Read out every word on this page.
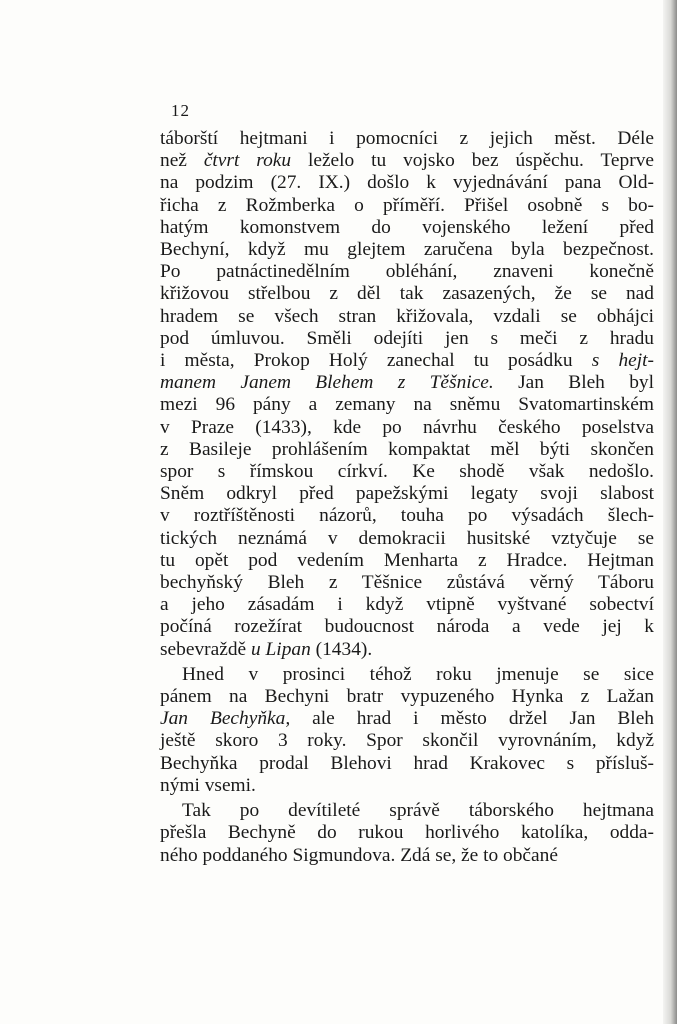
12
táborští hejtmani i pomocníci z jejich měst. Déle
než čtvrt roku leželo tu vojsko bez úspěchu. Teprve
na podzim (27. IX.) došlo k vyjednávání pana Old-
řicha z Rožmberka o příměří. Přišel osobně s bo-
hatým komonstvem do vojenského ležení před
Bechyní, když mu glejtem zaručena byla bezpečnost.
Po patnáctinedělním obléhání, znaveni konečně
křižovou střelbou z děl tak zasazených, že se nad
hradem se všech stran křižovala, vzdali se obhájci
pod úmluvou. Směli odejíti jen s meči z hradu
i města, Prokop Holý zanechal tu posádku s hejt-
manem Janem Blehem z Těšnice. Jan Bleh byl
mezi 96 pány a zemany na sněmu Svatomartinském
v Praze (1433), kde po návrhu českého poselstva
z Basileje prohlášením kompaktat měl býti skončen
spor s římskou církví. Ke shodě však nedošlo.
Sněm odkryl před papežskými legaty svoji slabost
v roztříštěnosti názorů, touha po výsadách šlech-
tických neznámá v demokracii husitské vztyčuje se
tu opět pod vedením Menharta z Hradce. Hejtman
bechyňský Bleh z Těšnice zůstává věrný Táboru
a jeho zásadám i když vtipně vyštvané sobectví
počíná rozežírat budoucnost národa a vede jej k
sebevraždě u Lipan (1434).
Hned v prosinci téhož roku jmenuje se sice
pánem na Bechyni bratr vypuzeného Hynka z Lažan
Jan Bechyňka, ale hrad i město držel Jan Bleh
ještě skoro 3 roky. Spor skončil vyrovnáním, když
Bechyňka prodal Blehovi hrad Krakovec s přísluš-
nými vsemi.
Tak po devítileté správě táborského hejtmana
přešla Bechyně do rukou horlivého katolíka, odda-
ného poddaného Sigmundova. Zdá se, že to občané
